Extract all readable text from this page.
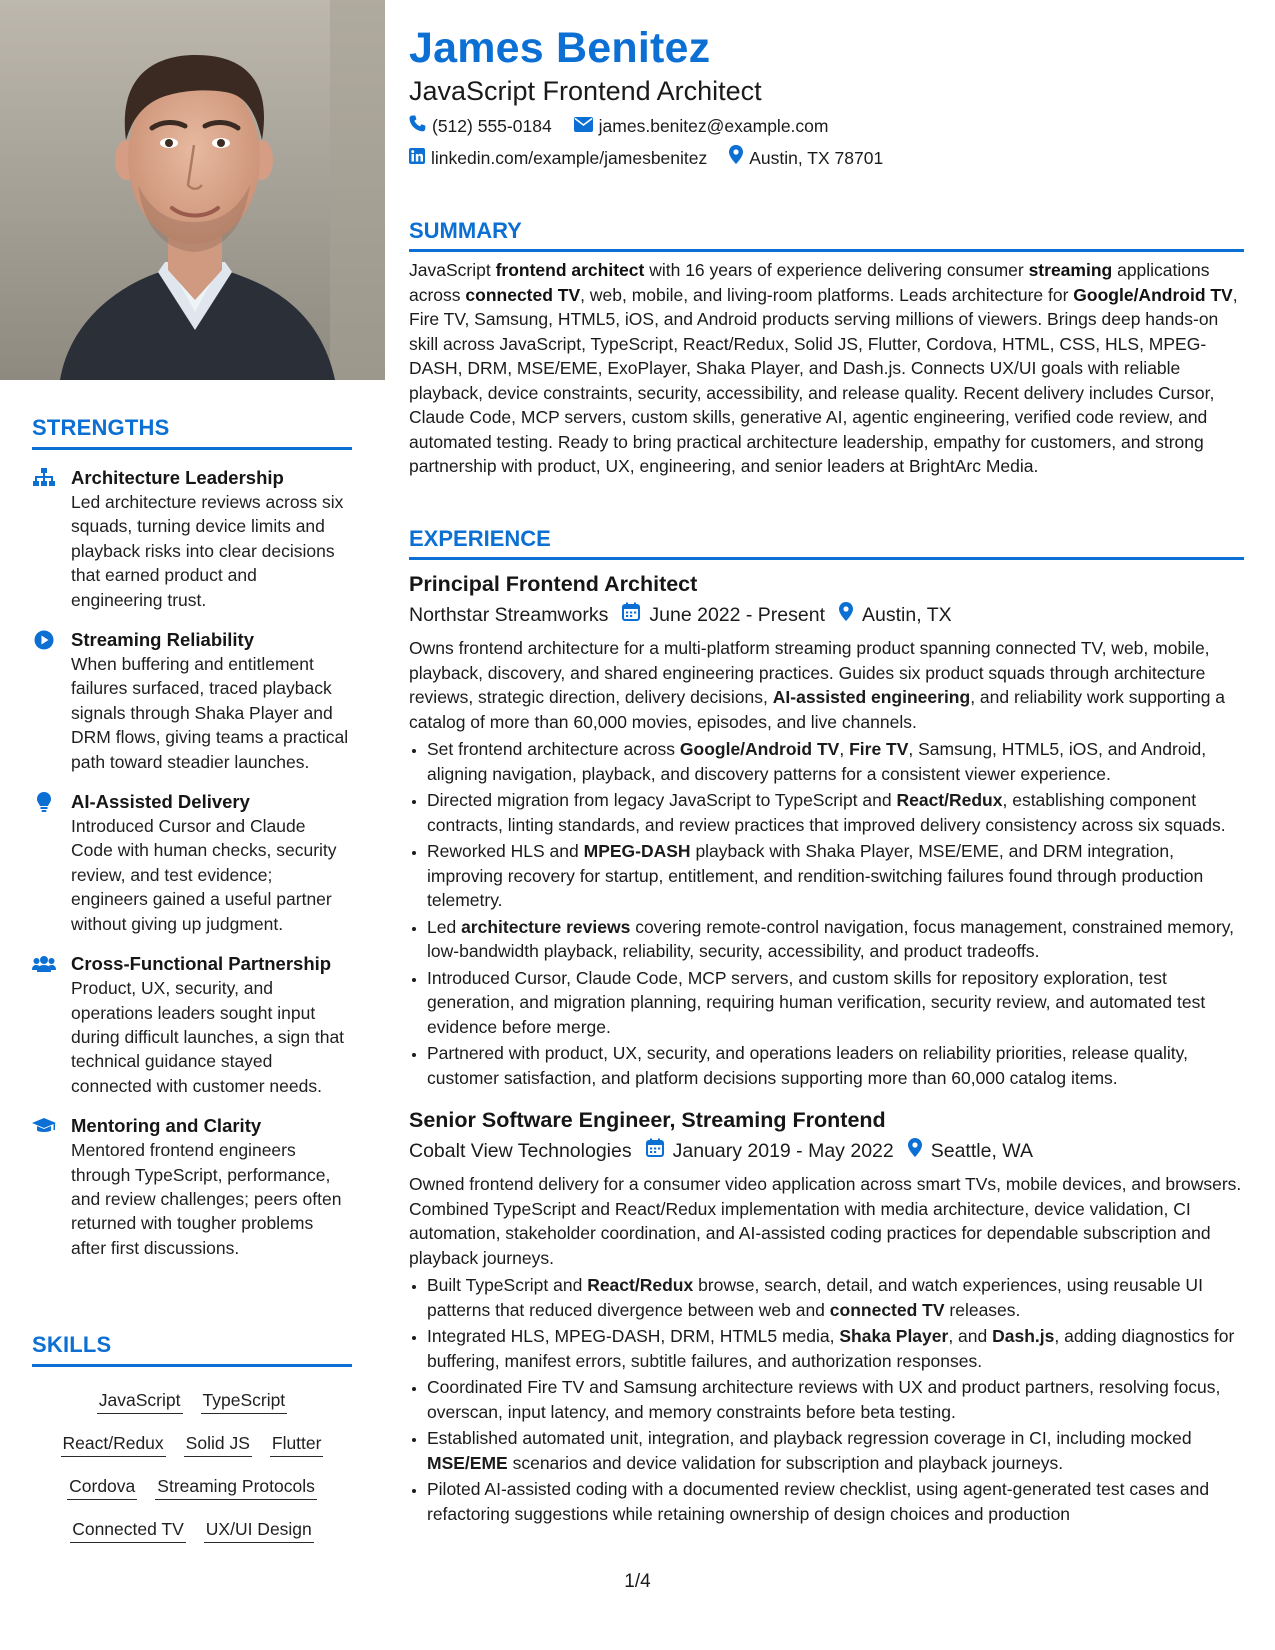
STRENGTHS
Architecture Leadership
Led architecture reviews across six squads, turning device limits and playback risks into clear decisions that earned product and engineering trust.
Streaming Reliability
When buffering and entitlement failures surfaced, traced playback signals through Shaka Player and DRM flows, giving teams a practical path toward steadier launches.
AI-Assisted Delivery
Introduced Cursor and Claude Code with human checks, security review, and test evidence; engineers gained a useful partner without giving up judgment.
Cross-Functional Partnership
Product, UX, security, and operations leaders sought input during difficult launches, a sign that technical guidance stayed connected with customer needs.
Mentoring and Clarity
Mentored frontend engineers through TypeScript, performance, and review challenges; peers often returned with tougher problems after first discussions.
SKILLS
JavaScript TypeScript
React/Redux Solid JS Flutter
Cordova Streaming Protocols
Connected TV UX/UI Design
James Benitez
JavaScript Frontend Architect
(512) 555-0184	james.benitez@example.com
linkedin.com/example/jamesbenitez Austin, TX 78701
SUMMARY
JavaScript frontend architect with 16 years of experience delivering consumer streaming applications across connected TV, web, mobile, and living-room platforms. Leads architecture for Google/Android TV, Fire TV, Samsung, HTML5, iOS, and Android products serving millions of viewers. Brings deep hands-on skill across JavaScript, TypeScript, React/Redux, Solid JS, Flutter, Cordova, HTML, CSS, HLS, MPEG-DASH, DRM, MSE/EME, ExoPlayer, Shaka Player, and Dash.js. Connects UX/UI goals with reliable playback, device constraints, security, accessibility, and release quality. Recent delivery includes Cursor, Claude Code, MCP servers, custom skills, generative AI, agentic engineering, verified code review, and automated testing. Ready to bring practical architecture leadership, empathy for customers, and strong partnership with product, UX, engineering, and senior leaders at BrightArc Media.
EXPERIENCE
Principal Frontend Architect
Northstar Streamworks June 2022 - Present Austin, TX
Owns frontend architecture for a multi-platform streaming product spanning connected TV, web, mobile, playback, discovery, and shared engineering practices. Guides six product squads through architecture reviews, strategic direction, delivery decisions, AI-assisted engineering, and reliability work supporting a catalog of more than 60,000 movies, episodes, and live channels.
• Set frontend architecture across Google/Android TV, Fire TV, Samsung, HTML5, iOS, and Android, aligning navigation, playback, and discovery patterns for a consistent viewer experience.
• Directed migration from legacy JavaScript to TypeScript and React/Redux, establishing component contracts, linting standards, and review practices that improved delivery consistency across six squads.
• Reworked HLS and MPEG-DASH playback with Shaka Player, MSE/EME, and DRM integration, improving recovery for startup, entitlement, and rendition-switching failures found through production telemetry.
• Led architecture reviews covering remote-control navigation, focus management, constrained memory, low-bandwidth playback, reliability, security, accessibility, and product tradeoffs.
• Introduced Cursor, Claude Code, MCP servers, and custom skills for repository exploration, test generation, and migration planning, requiring human verification, security review, and automated test evidence before merge.
• Partnered with product, UX, security, and operations leaders on reliability priorities, release quality, customer satisfaction, and platform decisions supporting more than 60,000 catalog items.
Senior Software Engineer, Streaming Frontend
Cobalt View Technologies January 2019 - May 2022 Seattle, WA
Owned frontend delivery for a consumer video application across smart TVs, mobile devices, and browsers. Combined TypeScript and React/Redux implementation with media architecture, device validation, CI automation, stakeholder coordination, and AI-assisted coding practices for dependable subscription and playback journeys.
• Built TypeScript and React/Redux browse, search, detail, and watch experiences, using reusable UI patterns that reduced divergence between web and connected TV releases.
• Integrated HLS, MPEG-DASH, DRM, HTML5 media, Shaka Player, and Dash.js, adding diagnostics for buffering, manifest errors, subtitle failures, and authorization responses.
• Coordinated Fire TV and Samsung architecture reviews with UX and product partners, resolving focus, overscan, input latency, and memory constraints before beta testing.
• Established automated unit, integration, and playback regression coverage in CI, including mocked MSE/EME scenarios and device validation for subscription and playback journeys.
• Piloted AI-assisted coding with a documented review checklist, using agent-generated test cases and refactoring suggestions while retaining ownership of design choices and production
1/4
